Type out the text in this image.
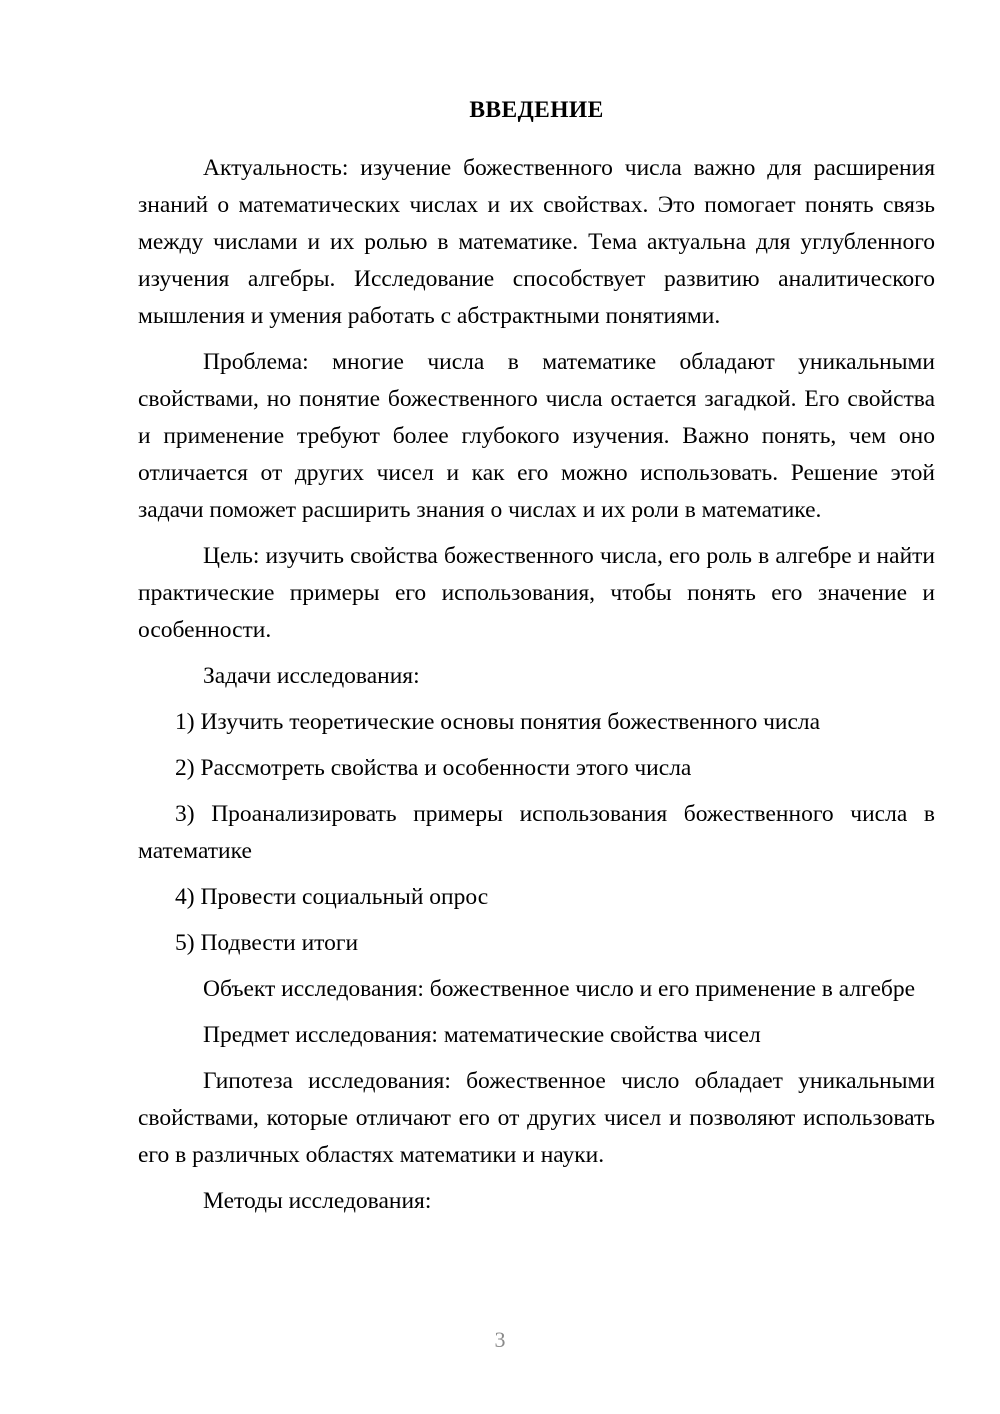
ВВЕДЕНИЕ

Актуальность: изучение божественного числа важно для расширения знаний о математических числах и их свойствах. Это помогает понять связь между числами и их ролью в математике. Тема актуальна для углубленного изучения алгебры. Исследование способствует развитию аналитического мышления и умения работать с абстрактными понятиями.

Проблема: многие числа в математике обладают уникальными свойствами, но понятие божественного числа остается загадкой. Его свойства и применение требуют более глубокого изучения. Важно понять, чем оно отличается от других чисел и как его можно использовать. Решение этой задачи поможет расширить знания о числах и их роли в математике.

Цель: изучить свойства божественного числа, его роль в алгебре и найти практические примеры его использования, чтобы понять его значение и особенности.

Задачи исследования:

1) Изучить теоретические основы понятия божественного числа

2) Рассмотреть свойства и особенности этого числа

3) Проанализировать примеры использования божественного числа в математике

4) Провести социальный опрос

5) Подвести итоги

Объект исследования: божественное число и его применение в алгебре

Предмет исследования: математические свойства чисел

Гипотеза исследования: божественное число обладает уникальными свойствами, которые отличают его от других чисел и позволяют использовать его в различных областях математики и науки.

Методы исследования:

3
